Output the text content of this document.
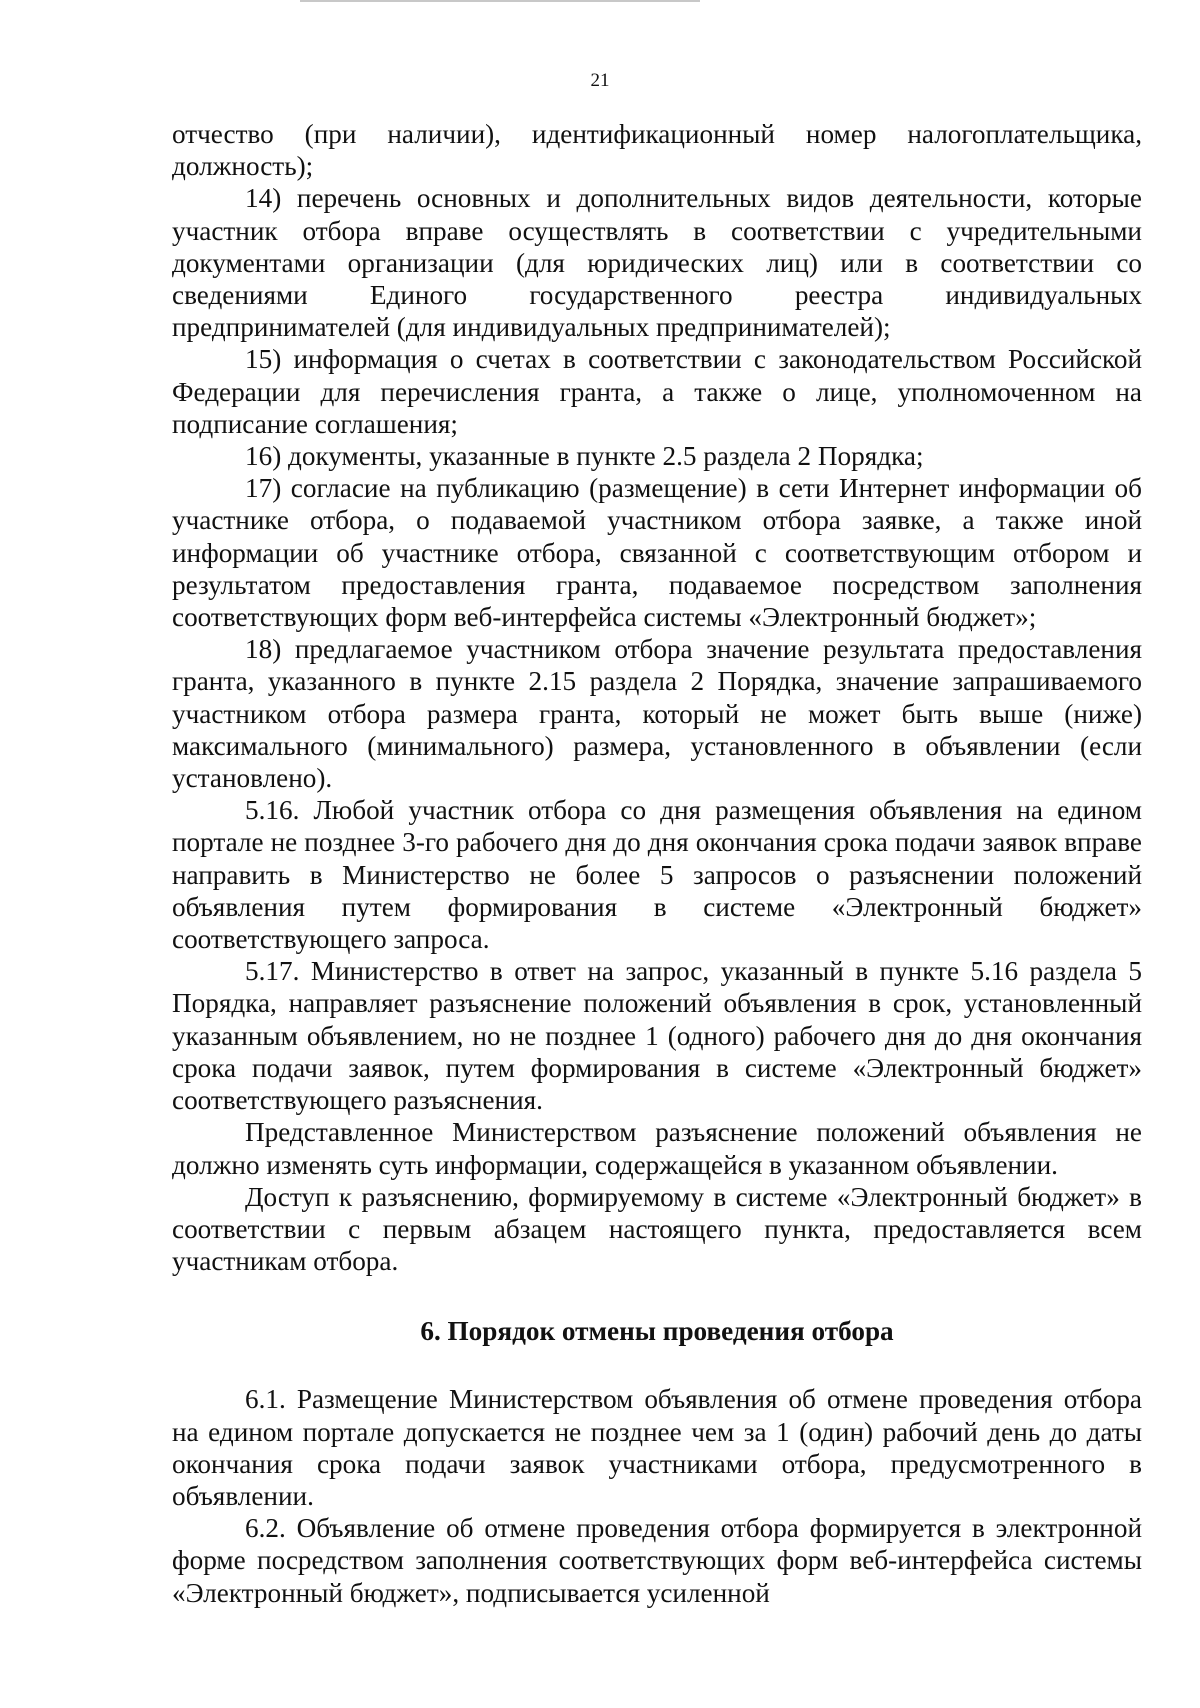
21

отчество (при наличии), идентификационный номер налогоплательщика, должность);

14) перечень основных и дополнительных видов деятельности, которые участник отбора вправе осуществлять в соответствии с учредительными документами организации (для юридических лиц) или в соответствии со сведениями Единого государственного реестра индивидуальных предпринимателей (для индивидуальных предпринимателей);

15) информация о счетах в соответствии с законодательством Российской Федерации для перечисления гранта, а также о лице, уполномоченном на подписание соглашения;

16) документы, указанные в пункте 2.5 раздела 2 Порядка;

17) согласие на публикацию (размещение) в сети Интернет информации об участнике отбора, о подаваемой участником отбора заявке, а также иной информации об участнике отбора, связанной с соответствующим отбором и результатом предоставления гранта, подаваемое посредством заполнения соответствующих форм веб-интерфейса системы «Электронный бюджет»;

18) предлагаемое участником отбора значение результата предоставления гранта, указанного в пункте 2.15 раздела 2 Порядка, значение запрашиваемого участником отбора размера гранта, который не может быть выше (ниже) максимального (минимального) размера, установленного в объявлении (если установлено).

5.16. Любой участник отбора со дня размещения объявления на едином портале не позднее 3-го рабочего дня до дня окончания срока подачи заявок вправе направить в Министерство не более 5 запросов о разъяснении положений объявления путем формирования в системе «Электронный бюджет» соответствующего запроса.

5.17. Министерство в ответ на запрос, указанный в пункте 5.16 раздела 5 Порядка, направляет разъяснение положений объявления в срок, установленный указанным объявлением, но не позднее 1 (одного) рабочего дня до дня окончания срока подачи заявок, путем формирования в системе «Электронный бюджет» соответствующего разъяснения.

Представленное Министерством разъяснение положений объявления не должно изменять суть информации, содержащейся в указанном объявлении.

Доступ к разъяснению, формируемому в системе «Электронный бюджет» в соответствии с первым абзацем настоящего пункта, предоставляется всем участникам отбора.

6. Порядок отмены проведения отбора

6.1. Размещение Министерством объявления об отмене проведения отбора на едином портале допускается не позднее чем за 1 (один) рабочий день до даты окончания срока подачи заявок участниками отбора, предусмотренного в объявлении.

6.2. Объявление об отмене проведения отбора формируется в электронной форме посредством заполнения соответствующих форм веб-интерфейса системы «Электронный бюджет», подписывается усиленной
